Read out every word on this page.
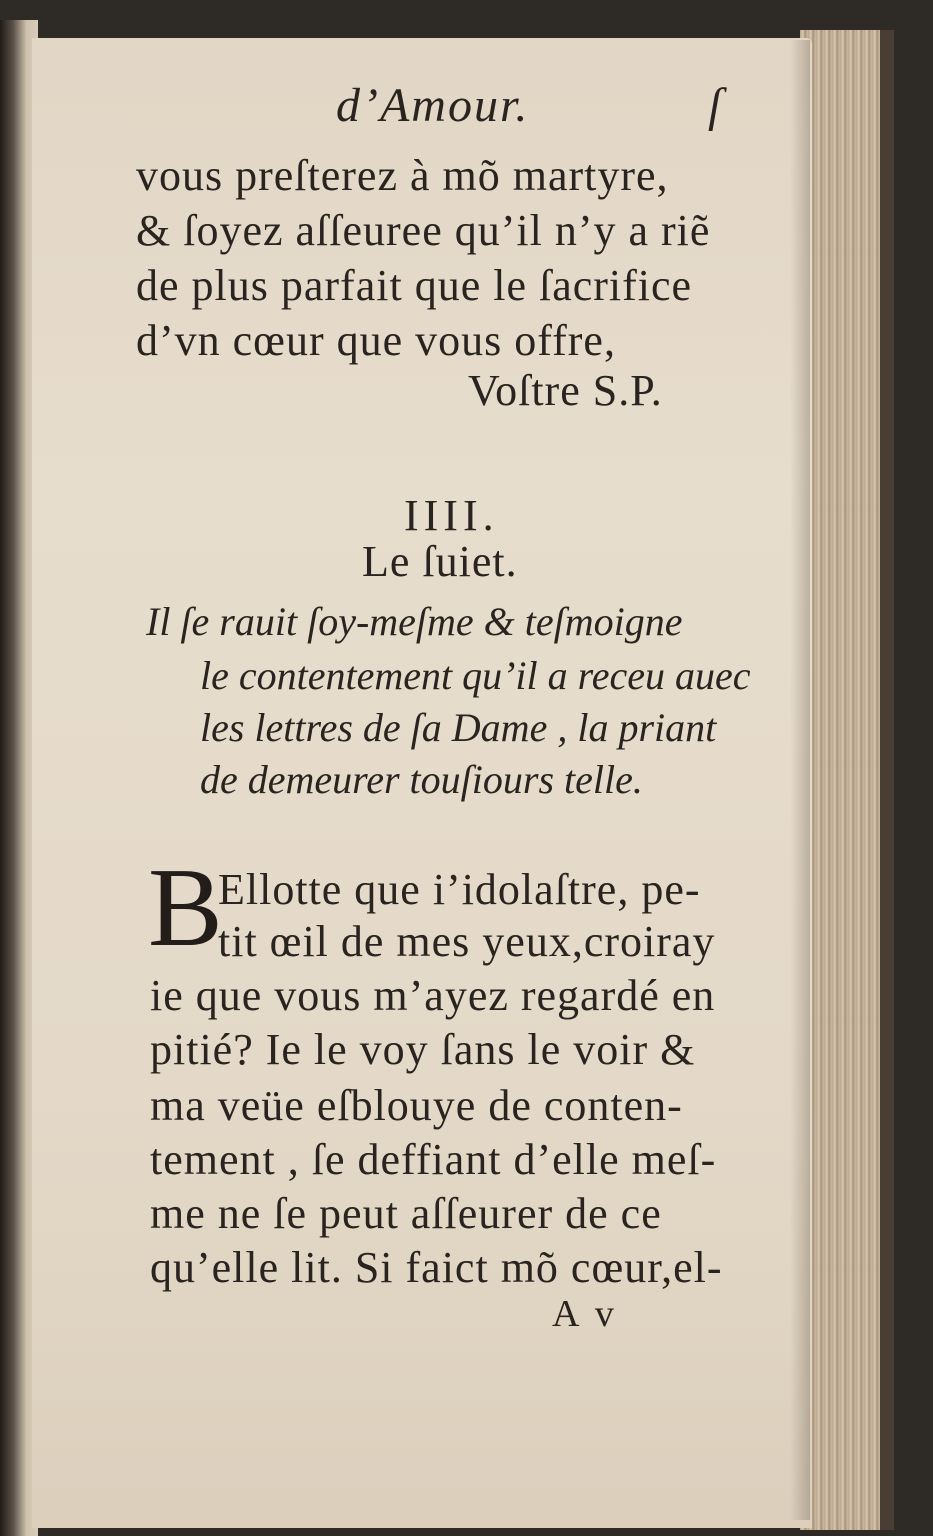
d’Amour.	ſ
vous preſterez à mõ martyre,
& ſoyez aſſeuree qu’il n’y a riẽ
de plus parfait que le ſacrifice
d’vn cœur que vous offre,
Voſtre S.P.
IIII.
Le ſuiet.
Il ſe rauit ſoy-meſme & teſmoigne
le contentement qu’il a receu auec
les lettres de ſa Dame , la priant
de demeurer touſiours telle.
B
Ellotte que i’idolaſtre, pe-
tit œil de mes yeux,croiray
ie que vous m’ayez regardé en
pitié? Ie le voy ſans le voir &
ma veüe eſblouye de conten-
tement , ſe deffiant d’elle meſ-
me ne ſe peut aſſeurer de ce
qu’elle lit. Si faict mõ cœur,el-
A v
